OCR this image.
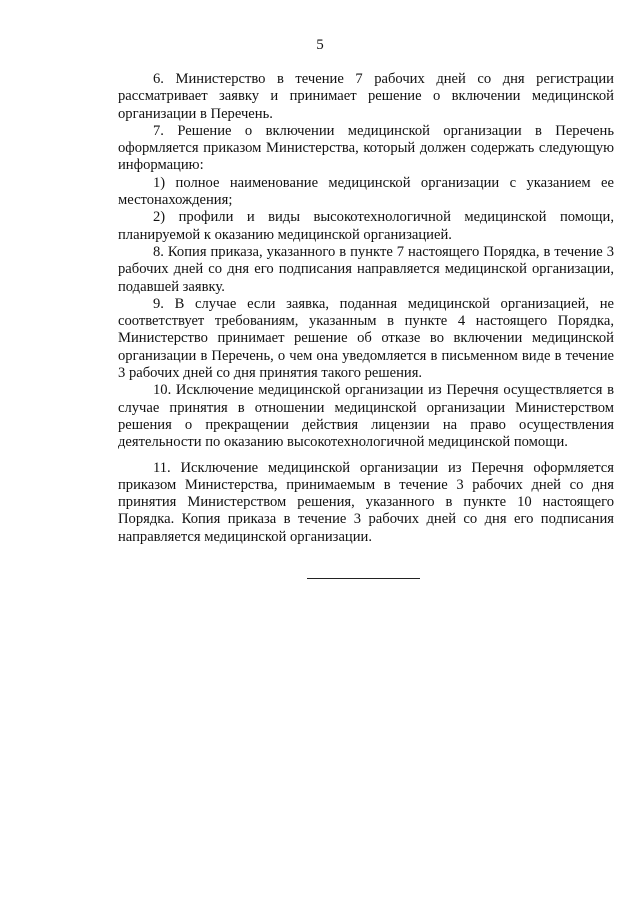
5

6. Министерство в течение 7 рабочих дней со дня регистрации рассматривает заявку и принимает решение о включении медицинской организации в Перечень.

7. Решение о включении медицинской организации в Перечень оформляется приказом Министерства, который должен содержать следующую информацию:

1) полное наименование медицинской организации с указанием ее местонахождения;

2) профили и виды высокотехнологичной медицинской помощи, планируемой к оказанию медицинской организацией.

8. Копия приказа, указанного в пункте 7 настоящего Порядка, в течение 3 рабочих дней со дня его подписания направляется медицинской организации, подавшей заявку.

9. В случае если заявка, поданная медицинской организацией, не соответствует требованиям, указанным в пункте 4 настоящего Порядка, Министерство принимает решение об отказе во включении медицинской организации в Перечень, о чем она уведомляется в письменном виде в течение 3 рабочих дней со дня принятия такого решения.

10. Исключение медицинской организации из Перечня осуществляется в случае принятия в отношении медицинской организации Министерством решения о прекращении действия лицензии на право осуществления деятельности по оказанию высокотехнологичной медицинской помощи.

11. Исключение медицинской организации из Перечня оформляется приказом Министерства, принимаемым в течение 3 рабочих дней со дня принятия Министерством решения, указанного в пункте 10 настоящего Порядка. Копия приказа в течение 3 рабочих дней со дня его подписания направляется медицинской организации.
